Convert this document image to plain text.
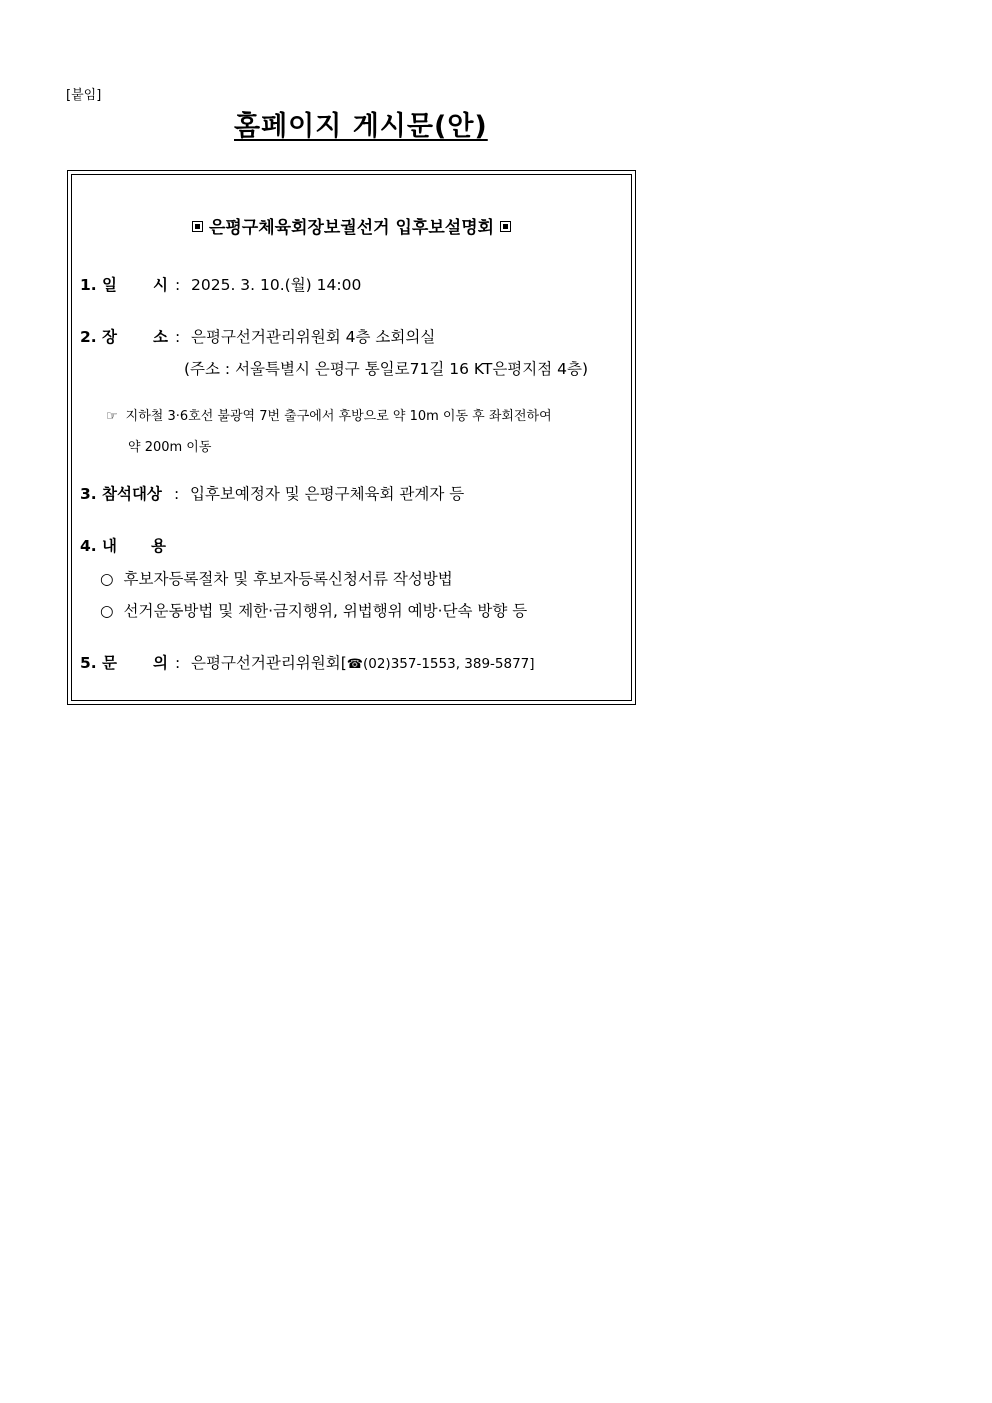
[붙임]
홈페이지 게시문(안)
은평구체육회장보궐선거 입후보설명회
1. 일 시 : 2025. 3. 10.(월) 14:00
2. 장 소 : 은평구선거관리위원회 4층 소회의실
(주소 : 서울특별시 은평구 통일로71길 16 KT은평지점 4층)
☞ 지하철 3·6호선 불광역 7번 출구에서 후방으로 약 10m 이동 후 좌회전하여
약 200m 이동
3. 참석대상 : 입후보예정자 및 은평구체육회 관계자 등
4. 내 용
○ 후보자등록절차 및 후보자등록신청서류 작성방법
○ 선거운동방법 및 제한·금지행위, 위법행위 예방·단속 방향 등
5. 문 의 : 은평구선거관리위원회[☎(02)357-1553, 389-5877]
